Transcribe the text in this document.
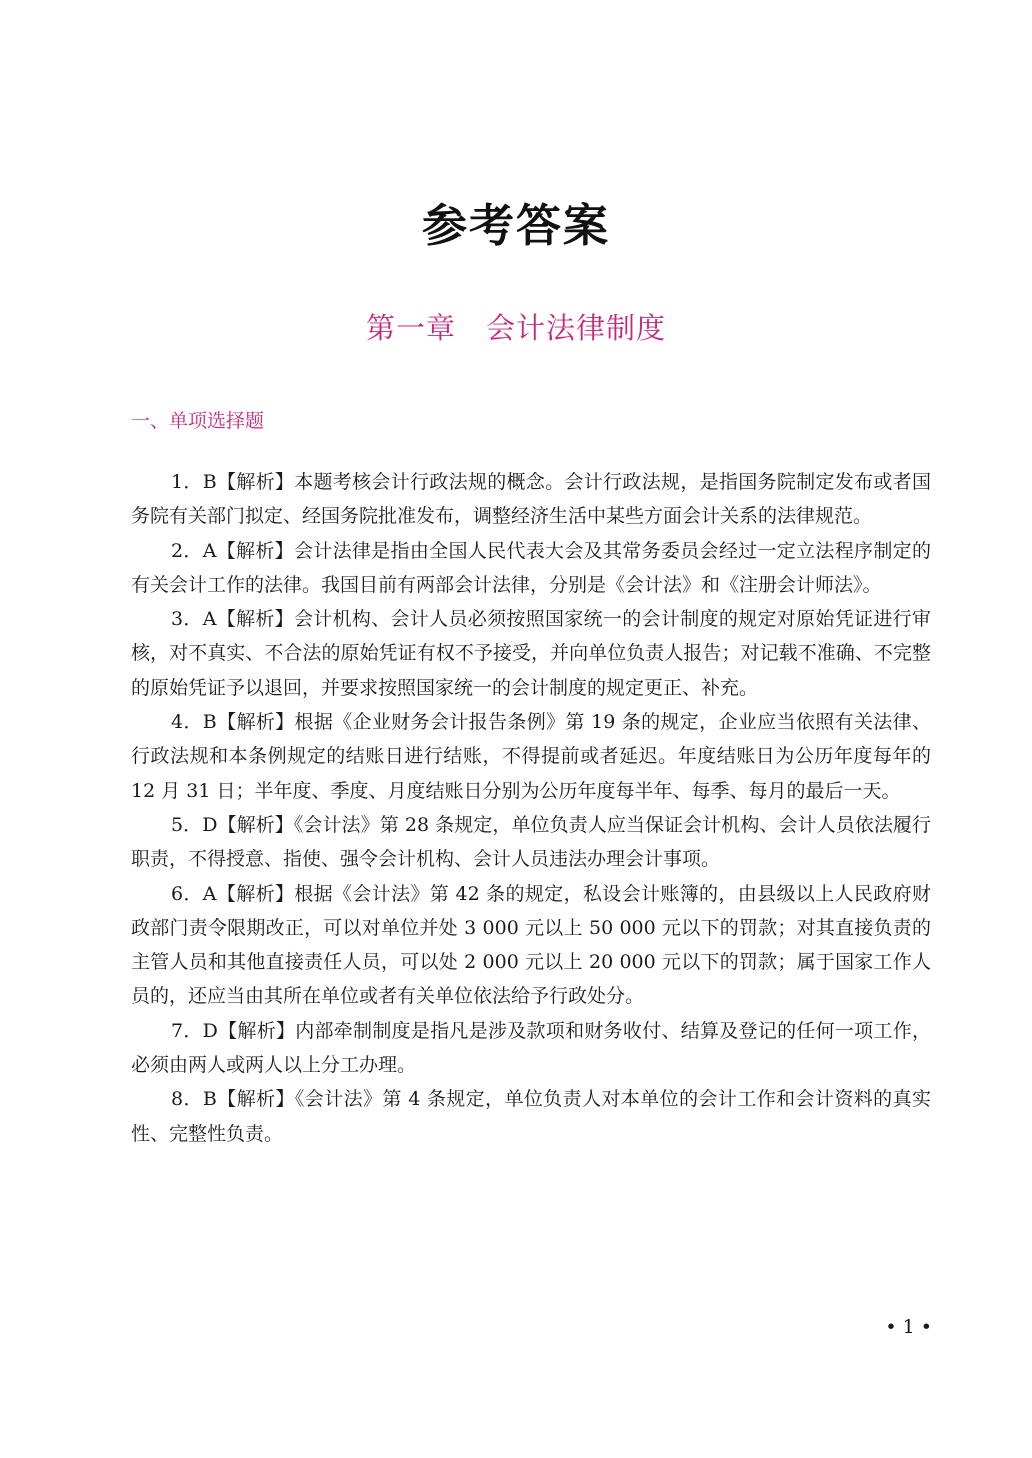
参考答案
第一章 会计法律制度
一、单项选择题

1．B【解析】本题考核会计行政法规的概念。会计行政法规，是指国务院制定发布或者国务院有关部门拟定、经国务院批准发布，调整经济生活中某些方面会计关系的法律规范。

2．A【解析】会计法律是指由全国人民代表大会及其常务委员会经过一定立法程序制定的有关会计工作的法律。我国目前有两部会计法律，分别是《会计法》和《注册会计师法》。

3．A【解析】会计机构、会计人员必须按照国家统一的会计制度的规定对原始凭证进行审核，对不真实、不合法的原始凭证有权不予接受，并向单位负责人报告；对记载不准确、不完整的原始凭证予以退回，并要求按照国家统一的会计制度的规定更正、补充。

4．B【解析】根据《企业财务会计报告条例》第 19 条的规定，企业应当依照有关法律、行政法规和本条例规定的结账日进行结账，不得提前或者延迟。年度结账日为公历年度每年的 12 月 31 日；半年度、季度、月度结账日分别为公历年度每半年、每季、每月的最后一天。

5．D【解析】《会计法》第 28 条规定，单位负责人应当保证会计机构、会计人员依法履行职责，不得授意、指使、强令会计机构、会计人员违法办理会计事项。

6．A【解析】根据《会计法》第 42 条的规定，私设会计账簿的，由县级以上人民政府财政部门责令限期改正，可以对单位并处 3 000 元以上 50 000 元以下的罚款；对其直接负责的主管人员和其他直接责任人员，可以处 2 000 元以上 20 000 元以下的罚款；属于国家工作人员的，还应当由其所在单位或者有关单位依法给予行政处分。

7．D【解析】内部牵制制度是指凡是涉及款项和财务收付、结算及登记的任何一项工作，必须由两人或两人以上分工办理。

8．B【解析】《会计法》第 4 条规定，单位负责人对本单位的会计工作和会计资料的真实性、完整性负责。

• 1 •
